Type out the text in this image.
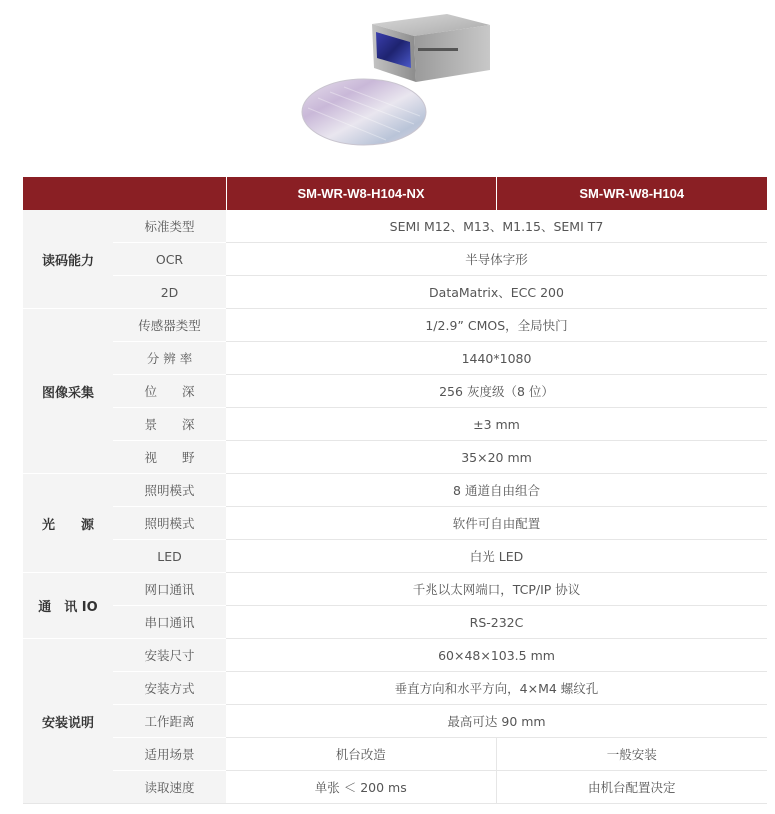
		SM-WR-W8-H104-NX	SM-WR-W8-H104
读码能力	标准类型	SEMI M12、M13、M1.15、SEMI T7	
	OCR	半导体字形	
	2D	DataMatrix、ECC 200	
图像采集	传感器类型	1/2.9” CMOS，全局快门	
	分 辨 率	1440*1080	
	位　　深	256 灰度级（8 位）	
	景　　深	±3 mm	
	视　　野	35×20 mm	
光　　源	照明模式	8 通道自由组合	
	照明模式	软件可自由配置	
	LED	白光 LED	
通　讯 IO	网口通讯	千兆以太网端口，TCP/IP 协议	
	串口通讯	RS-232C	
安装说明	安装尺寸	60×48×103.5 mm	
	安装方式	垂直方向和水平方向，4×M4 螺纹孔	
	工作距离	最高可达 90 mm	
	适用场景	机台改造	一般安装
	读取速度	单张 ＜ 200 ms	由机台配置决定
